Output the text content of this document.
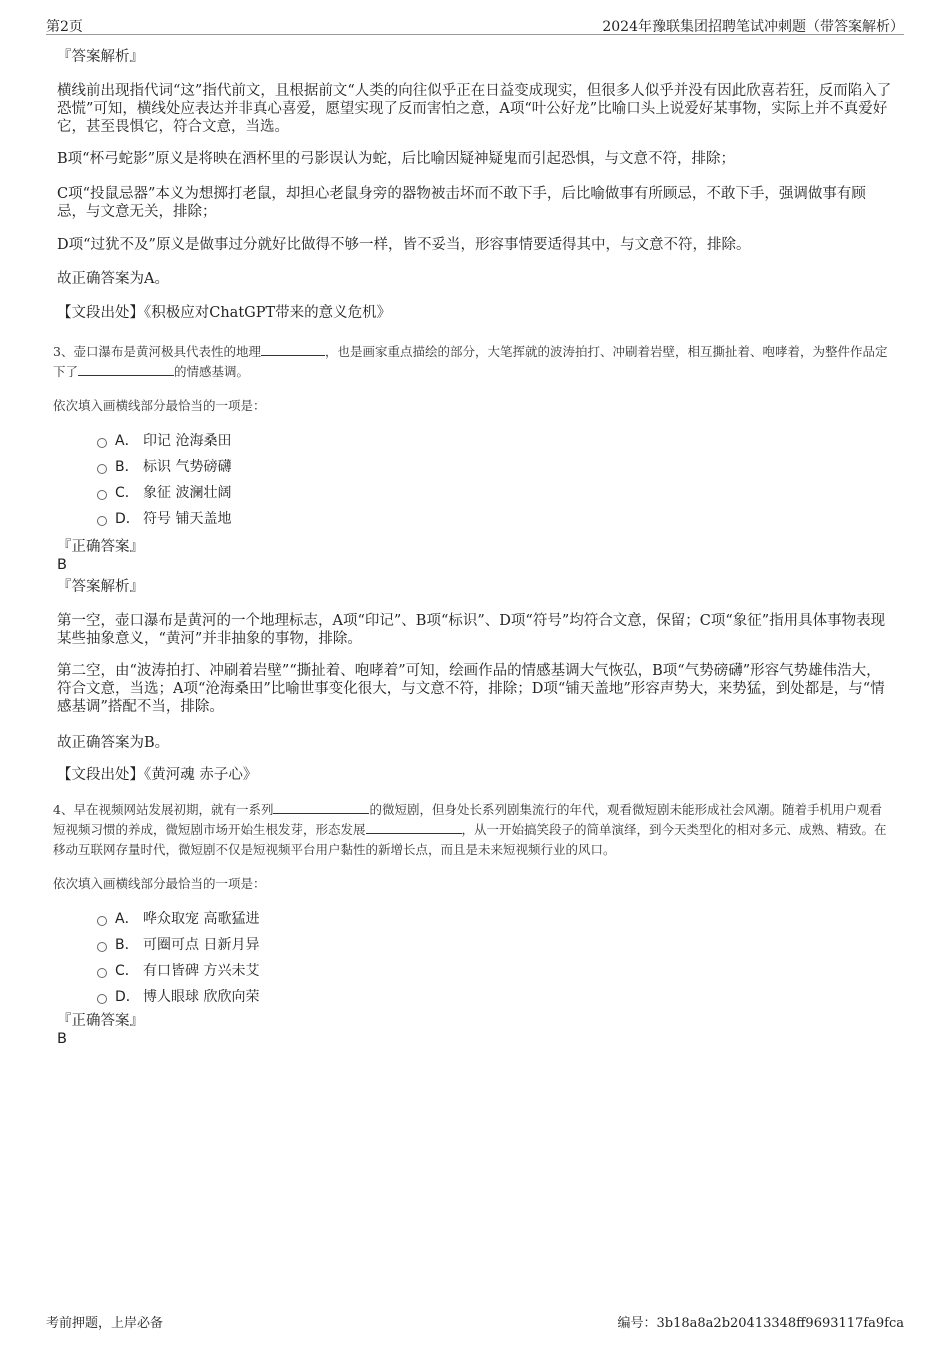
第2页	2024年豫联集团招聘笔试冲刺题（带答案解析）
『答案解析』

横线前出现指代词“这”指代前文，且根据前文“人类的向往似乎正在日益变成现实，但很多人似乎并没有因此欣喜若狂，反而陷入了恐慌”可知，横线处应表达并非真心喜爱，愿望实现了反而害怕之意，A项“叶公好龙”比喻口头上说爱好某事物，实际上并不真爱好它，甚至畏惧它，符合文意，当选。

B项“杯弓蛇影”原义是将映在酒杯里的弓影误认为蛇，后比喻因疑神疑鬼而引起恐惧，与文意不符，排除；

C项“投鼠忌器”本义为想掷打老鼠，却担心老鼠身旁的器物被击坏而不敢下手，后比喻做事有所顾忌，不敢下手，强调做事有顾忌，与文意无关，排除；

D项“过犹不及”原义是做事过分就好比做得不够一样，皆不妥当，形容事情要适得其中，与文意不符，排除。

故正确答案为A。

【文段出处】《积极应对ChatGPT带来的意义危机》

3、壶口瀑布是黄河极具代表性的地理	，也是画家重点描绘的部分，大笔挥就的波涛拍打、冲刷着岩壁，相互撕扯着、咆哮着，为整件作品定下了	的情感基调。
依次填入画横线部分最恰当的一项是：
A． 印记 沧海桑田
B． 标识 气势磅礴
C． 象征 波澜壮阔
D． 符号 铺天盖地
『正确答案』
B
『答案解析』

第一空，壶口瀑布是黄河的一个地理标志，A项“印记”、B项“标识”、D项“符号”均符合文意，保留；C项“象征”指用具体事物表现某些抽象意义，“黄河”并非抽象的事物，排除。

第二空，由“波涛拍打、冲刷着岩壁”“撕扯着、咆哮着”可知，绘画作品的情感基调大气恢弘，B项“气势磅礴”形容气势雄伟浩大，符合文意，当选；A项“沧海桑田”比喻世事变化很大，与文意不符，排除；D项“铺天盖地”形容声势大，来势猛，到处都是，与“情感基调”搭配不当，排除。

故正确答案为B。

【文段出处】《黄河魂 赤子心》

4、早在视频网站发展初期，就有一系列	的微短剧，但身处长系列剧集流行的年代，观看微短剧未能形成社会风潮。随着手机用户观看短视频习惯的养成，微短剧市场开始生根发芽，形态发展	，从一开始搞笑段子的简单演绎，到今天类型化的相对多元、成熟、精致。在移动互联网存量时代，微短剧不仅是短视频平台用户黏性的新增长点，而且是未来短视频行业的风口。
依次填入画横线部分最恰当的一项是：
A． 哗众取宠 高歌猛进
B． 可圈可点 日新月异
C． 有口皆碑 方兴未艾
D． 博人眼球 欣欣向荣
『正确答案』
B
考前押题，上岸必备	编号：3b18a8a2b20413348ff9693117fa9fca
